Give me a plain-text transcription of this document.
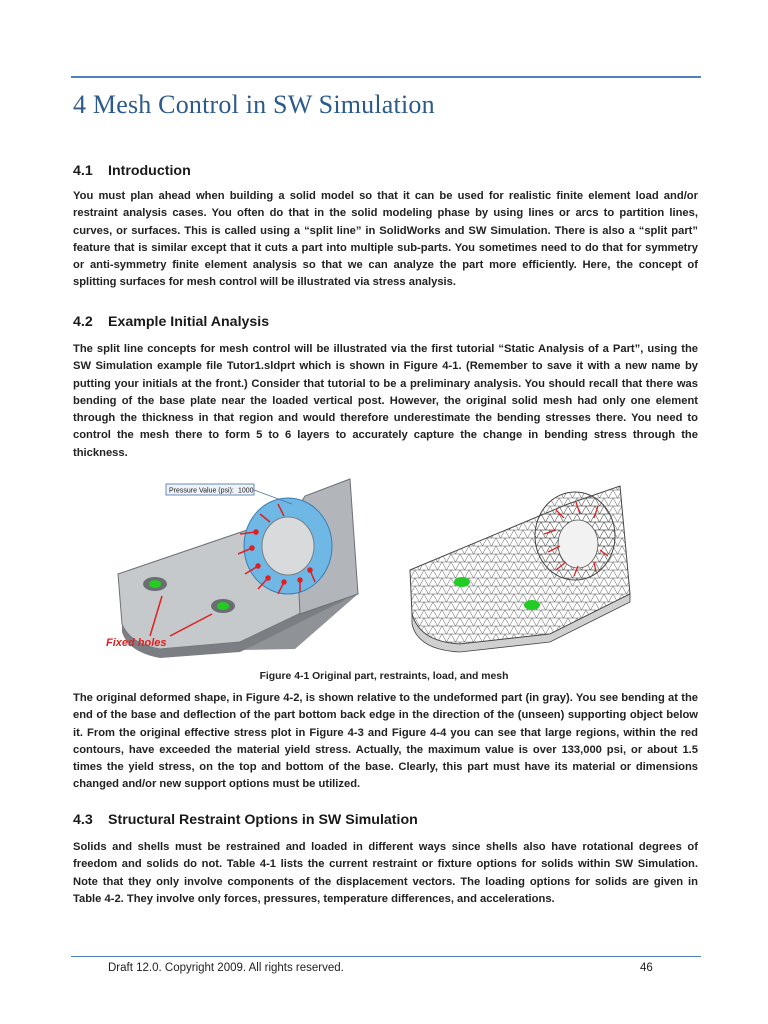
4 Mesh Control in SW Simulation
4.1 Introduction

You must plan ahead when building a solid model so that it can be used for realistic finite element load and/or restraint analysis cases. You often do that in the solid modeling phase by using lines or arcs to partition lines, curves, or surfaces. This is called using a “split line” in SolidWorks and SW Simulation. There is also a “split part” feature that is similar except that it cuts a part into multiple sub-parts. You sometimes need to do that for symmetry or anti-symmetry finite element analysis so that we can analyze the part more efficiently. Here, the concept of splitting surfaces for mesh control will be illustrated via stress analysis.

4.2 Example Initial Analysis

The split line concepts for mesh control will be illustrated via the first tutorial “Static Analysis of a Part”, using the SW Simulation example file Tutor1.sldprt which is shown in Figure 4-1. (Remember to save it with a new name by putting your initials at the front.) Consider that tutorial to be a preliminary analysis. You should recall that there was bending of the base plate near the loaded vertical post. However, the original solid mesh had only one element through the thickness in that region and would therefore underestimate the bending stresses there. You need to control the mesh there to form 5 to 6 layers to accurately capture the change in bending stress through the thickness.

Pressure Value (psi): 1000
Fixed holes

Figure 4-1 Original part, restraints, load, and mesh

The original deformed shape, in Figure 4-2, is shown relative to the undeformed part (in gray). You see bending at the end of the base and deflection of the part bottom back edge in the direction of the (unseen) supporting object below it. From the original effective stress plot in Figure 4-3 and Figure 4-4 you can see that large regions, within the red contours, have exceeded the material yield stress. Actually, the maximum value is over 133,000 psi, or about 1.5 times the yield stress, on the top and bottom of the base. Clearly, this part must have its material or dimensions changed and/or new support options must be utilized.

4.3 Structural Restraint Options in SW Simulation

Solids and shells must be restrained and loaded in different ways since shells also have rotational degrees of freedom and solids do not. Table 4-1 lists the current restraint or fixture options for solids within SW Simulation. Note that they only involve components of the displacement vectors. The loading options for solids are given in Table 4-2. They involve only forces, pressures, temperature differences, and accelerations.

Draft 12.0. Copyright 2009. All rights reserved.	46
